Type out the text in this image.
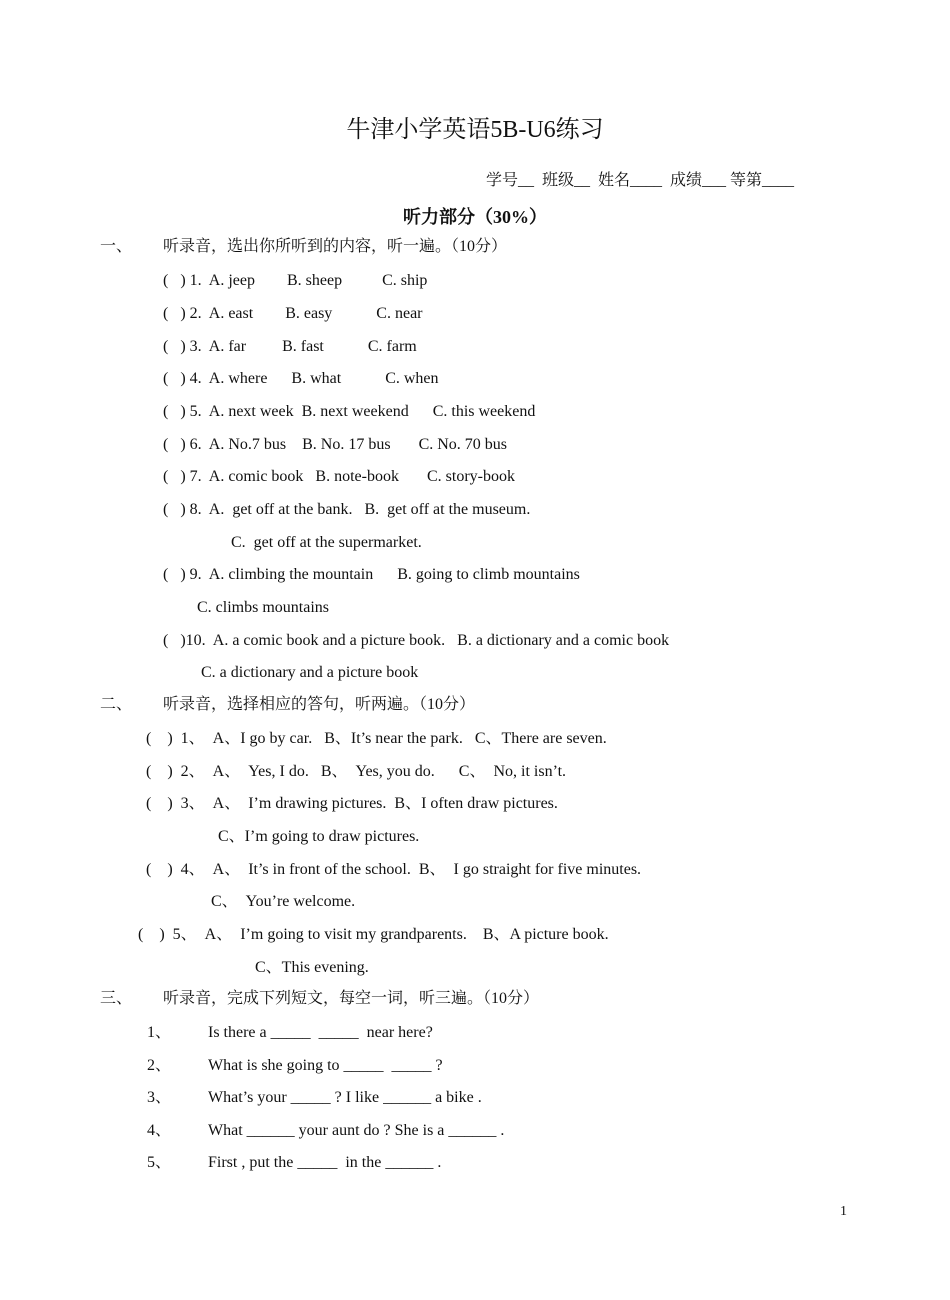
牛津小学英语5B-U6练习
学号__  班级__  姓名____  成绩___ 等第____
听力部分（30%）
一、 听录音，选出你所听到的内容，听一遍。（10分）
(   ) 1.  A. jeep        B. sheep          C. ship
(   ) 2.  A. east        B. easy           C. near
(   ) 3.  A. far         B. fast           C. farm
(   ) 4.  A. where      B. what           C. when
(   ) 5.  A. next week  B. next weekend      C. this weekend
(   ) 6.  A. No.7 bus    B. No. 17 bus       C. No. 70 bus
(   ) 7.  A. comic book   B. note-book       C. story-book
(   ) 8.  A.  get off at the bank.   B.  get off at the museum.
C.  get off at the supermarket.
(   ) 9.  A. climbing the mountain      B. going to climb mountains
C. climbs mountains
(   )10.  A. a comic book and a picture book.   B. a dictionary and a comic book
C. a dictionary and a picture book
二、 听录音，选择相应的答句，听两遍。（10分）
(    )  1、  A、I go by car.   B、It’s near the park.   C、There are seven.
(    )  2、  A、  Yes, I do.   B、  Yes, you do.      C、  No, it isn’t.
(    )  3、  A、  I’m drawing pictures.  B、I often draw pictures.
C、I’m going to draw pictures.
(    )  4、  A、  It’s in front of the school.  B、  I go straight for five minutes.
C、  You’re welcome.
(    )  5、  A、  I’m going to visit my grandparents.    B、A picture book.
C、This evening.
三、 听录音，完成下列短文，每空一词，听三遍。（10分）
1、 Is there a _____  _____  near here?
2、 What is she going to _____  _____ ?
3、 What’s your _____ ? I like ______ a bike .
4、 What ______ your aunt do ? She is a ______ .
5、 First , put the _____  in the ______ .
1
